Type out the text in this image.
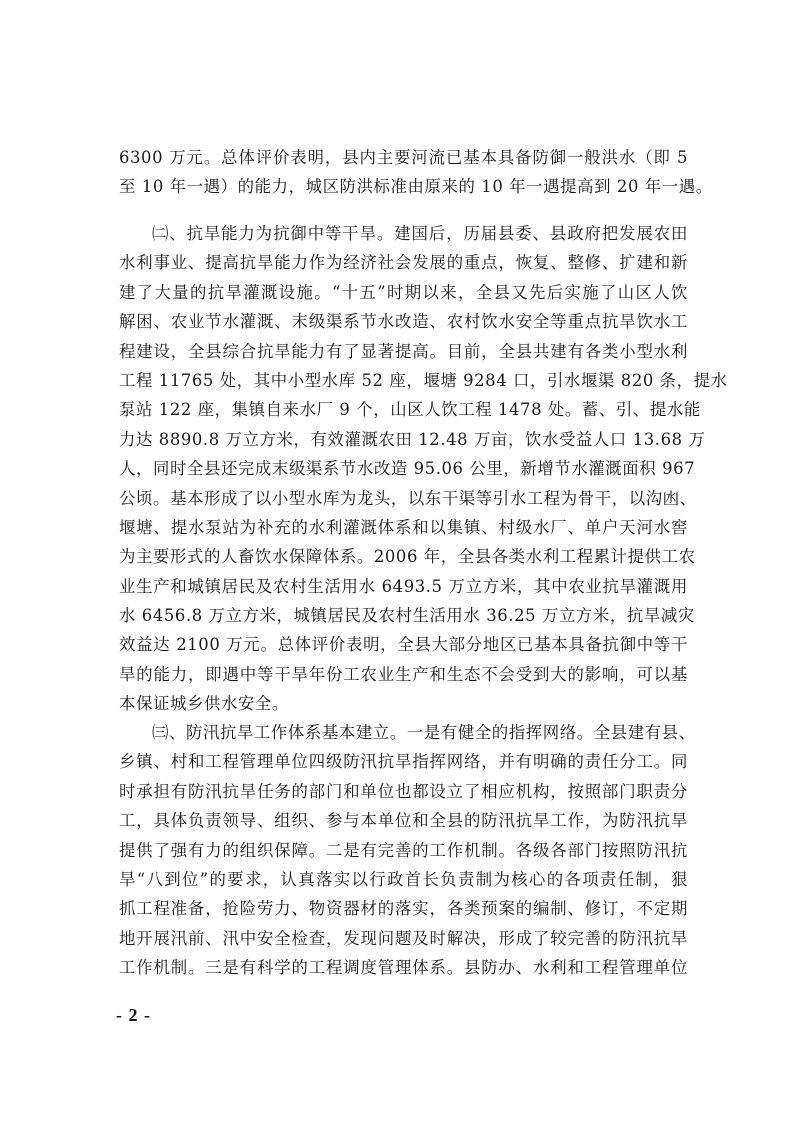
6300 万元。总体评价表明，县内主要河流已基本具备防御一般洪水（即 5
至 10 年一遇）的能力，城区防洪标准由原来的 10 年一遇提高到 20 年一遇。
㈡、抗旱能力为抗御中等干旱。建国后，历届县委、县政府把发展农田
水利事业、提高抗旱能力作为经济社会发展的重点，恢复、整修、扩建和新
建了大量的抗旱灌溉设施。“十五”时期以来，全县又先后实施了山区人饮
解困、农业节水灌溉、末级渠系节水改造、农村饮水安全等重点抗旱饮水工
程建设，全县综合抗旱能力有了显著提高。目前，全县共建有各类小型水利
工程 11765 处，其中小型水库 52 座，堰塘 9284 口，引水堰渠 820 条，提水
泵站 122 座，集镇自来水厂 9 个，山区人饮工程 1478 处。蓄、引、提水能
力达 8890.8 万立方米，有效灌溉农田 12.48 万亩，饮水受益人口 13.68 万
人，同时全县还完成末级渠系节水改造 95.06 公里，新增节水灌溉面积 967
公顷。基本形成了以小型水库为龙头，以东干渠等引水工程为骨干，以沟凼、
堰塘、提水泵站为补充的水利灌溉体系和以集镇、村级水厂、单户天河水窖
为主要形式的人畜饮水保障体系。2006 年，全县各类水利工程累计提供工农
业生产和城镇居民及农村生活用水 6493.5 万立方米，其中农业抗旱灌溉用
水 6456.8 万立方米，城镇居民及农村生活用水 36.25 万立方米，抗旱减灾
效益达 2100 万元。总体评价表明，全县大部分地区已基本具备抗御中等干
旱的能力，即遇中等干旱年份工农业生产和生态不会受到大的影响，可以基
本保证城乡供水安全。
㈢、防汛抗旱工作体系基本建立。一是有健全的指挥网络。全县建有县、
乡镇、村和工程管理单位四级防汛抗旱指挥网络，并有明确的责任分工。同
时承担有防汛抗旱任务的部门和单位也都设立了相应机构，按照部门职责分
工，具体负责领导、组织、参与本单位和全县的防汛抗旱工作，为防汛抗旱
提供了强有力的组织保障。二是有完善的工作机制。各级各部门按照防汛抗
旱“八到位”的要求，认真落实以行政首长负责制为核心的各项责任制，狠
抓工程准备，抢险劳力、物资器材的落实，各类预案的编制、修订，不定期
地开展汛前、汛中安全检查，发现问题及时解决，形成了较完善的防汛抗旱
工作机制。三是有科学的工程调度管理体系。县防办、水利和工程管理单位
- 2 -
